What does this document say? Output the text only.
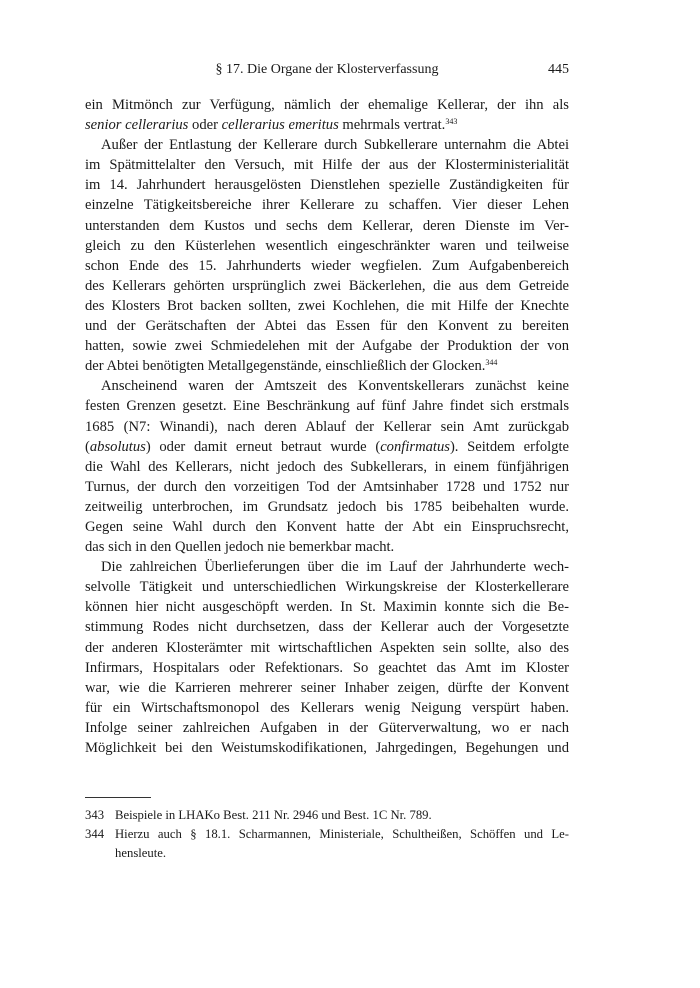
§ 17. Die Organe der Klosterverfassung	445

ein Mitmönch zur Verfügung, nämlich der ehemalige Kellerar, der ihn als
senior cellerarius oder cellerarius emeritus mehrmals vertrat.$^{343}$

Außer der Entlastung der Kellerare durch Subkellerare unternahm die Abtei
im Spätmittelalter den Versuch, mit Hilfe der aus der Klosterministerialität
im 14. Jahrhundert herausgelösten Dienstlehen spezielle Zuständigkeiten für
einzelne Tätigkeitsbereiche ihrer Kellerare zu schaffen. Vier dieser Lehen
unterstanden dem Kustos und sechs dem Kellerar, deren Dienste im Ver-
gleich zu den Küsterlehen wesentlich eingeschränkter waren und teilweise
schon Ende des 15. Jahrhunderts wieder wegfielen. Zum Aufgabenbereich
des Kellerars gehörten ursprünglich zwei Bäckerlehen, die aus dem Getreide
des Klosters Brot backen sollten, zwei Kochlehen, die mit Hilfe der Knechte
und der Gerätschaften der Abtei das Essen für den Konvent zu bereiten
hatten, sowie zwei Schmiedelehen mit der Aufgabe der Produktion der von
der Abtei benötigten Metallgegenstände, einschließlich der Glocken.$^{344}$

Anscheinend waren der Amtszeit des Konventskellerars zunächst keine
festen Grenzen gesetzt. Eine Beschränkung auf fünf Jahre findet sich erstmals
1685 (N7: Winandi), nach deren Ablauf der Kellerar sein Amt zurückgab
(absolutus) oder damit erneut betraut wurde (confirmatus). Seitdem erfolgte
die Wahl des Kellerars, nicht jedoch des Subkellerars, in einem fünfjährigen
Turnus, der durch den vorzeitigen Tod der Amtsinhaber 1728 und 1752 nur
zeitweilig unterbrochen, im Grundsatz jedoch bis 1785 beibehalten wurde.
Gegen seine Wahl durch den Konvent hatte der Abt ein Einspruchsrecht,
das sich in den Quellen jedoch nie bemerkbar macht.

Die zahlreichen Überlieferungen über die im Lauf der Jahrhunderte wech-
selvolle Tätigkeit und unterschiedlichen Wirkungskreise der Klosterkellerare
können hier nicht ausgeschöpft werden. In St. Maximin konnte sich die Be-
stimmung Rodes nicht durchsetzen, dass der Kellerar auch der Vorgesetzte
der anderen Klosterämter mit wirtschaftlichen Aspekten sein sollte, also des
Infirmars, Hospitalars oder Refektionars. So geachtet das Amt im Kloster
war, wie die Karrieren mehrerer seiner Inhaber zeigen, dürfte der Konvent
für ein Wirtschaftsmonopol des Kellerars wenig Neigung verspürt haben.
Infolge seiner zahlreichen Aufgaben in der Güterverwaltung, wo er nach
Möglichkeit bei den Weistumskodifikationen, Jahrgedingen, Begehungen und

343 Beispiele in LHAKo Best. 211 Nr. 2946 und Best. 1C Nr. 789.
344 Hierzu auch § 18.1. Scharmannen, Ministeriale, Schultheißen, Schöffen und Le-
hensleute.
